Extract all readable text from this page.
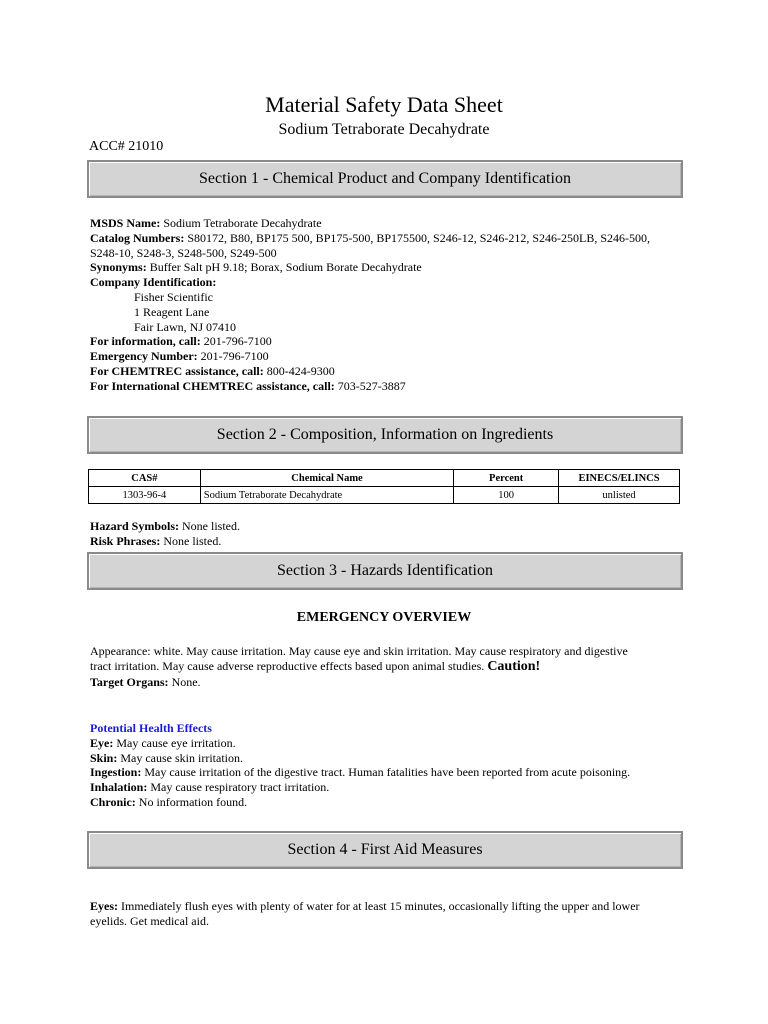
Material Safety Data Sheet
Sodium Tetraborate Decahydrate
ACC# 21010
Section 1 - Chemical Product and Company Identification
MSDS Name: Sodium Tetraborate Decahydrate
Catalog Numbers: S80172, B80, BP175 500, BP175-500, BP175500, S246-12, S246-212, S246-250LB, S246-500,
S248-10, S248-3, S248-500, S249-500
Synonyms: Buffer Salt pH 9.18; Borax, Sodium Borate Decahydrate
Company Identification:
Fisher Scientific
1 Reagent Lane
Fair Lawn, NJ 07410
For information, call: 201-796-7100
Emergency Number: 201-796-7100
For CHEMTREC assistance, call: 800-424-9300
For International CHEMTREC assistance, call: 703-527-3887
Section 2 - Composition, Information on Ingredients
CAS#	Chemical Name	Percent	EINECS/ELINCS
1303-96-4	Sodium Tetraborate Decahydrate	100	unlisted
Hazard Symbols: None listed.
Risk Phrases: None listed.
Section 3 - Hazards Identification
EMERGENCY OVERVIEW
Appearance: white. May cause irritation. May cause eye and skin irritation. May cause respiratory and digestive
tract irritation. May cause adverse reproductive effects based upon animal studies. Caution!
Target Organs: None.
Potential Health Effects
Eye: May cause eye irritation.
Skin: May cause skin irritation.
Ingestion: May cause irritation of the digestive tract. Human fatalities have been reported from acute poisoning.
Inhalation: May cause respiratory tract irritation.
Chronic: No information found.
Section 4 - First Aid Measures
Eyes: Immediately flush eyes with plenty of water for at least 15 minutes, occasionally lifting the upper and lower
eyelids. Get medical aid.
